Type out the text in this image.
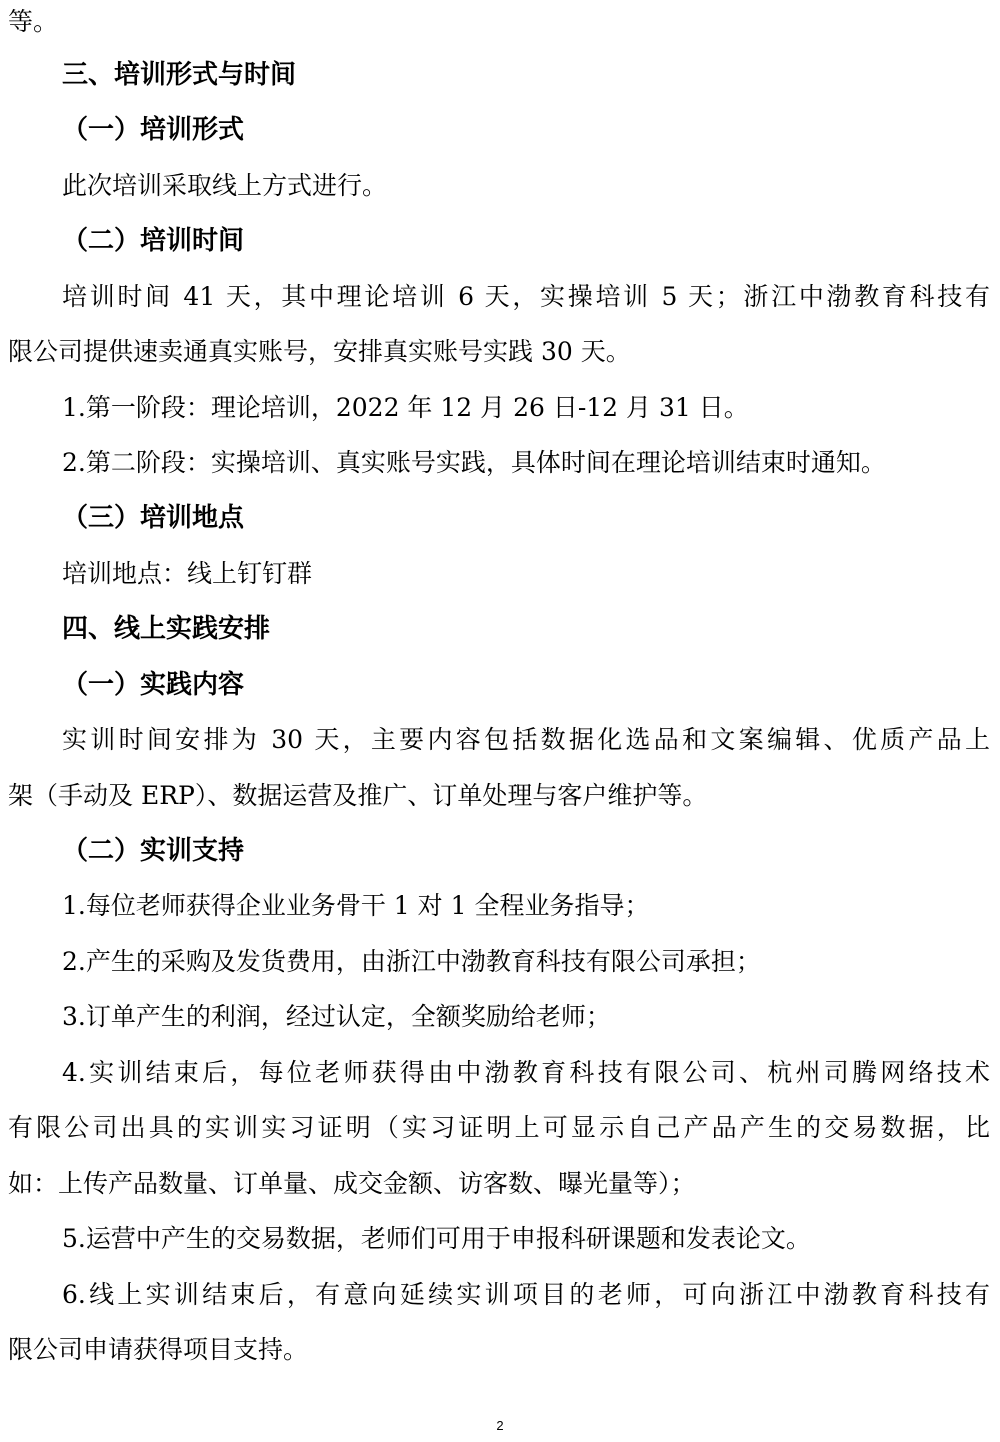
等。
三、培训形式与时间
（一）培训形式
此次培训采取线上方式进行。
（二）培训时间
培训时间 41 天，其中理论培训 6 天，实操培训 5 天；浙江中渤教育科技有
限公司提供速卖通真实账号，安排真实账号实践 30 天。
1.第一阶段：理论培训，2022 年 12 月 26 日-12 月 31 日。
2.第二阶段：实操培训、真实账号实践，具体时间在理论培训结束时通知。
（三）培训地点
培训地点：线上钉钉群
四、线上实践安排
（一）实践内容
实训时间安排为 30 天，主要内容包括数据化选品和文案编辑、优质产品上
架（手动及 ERP）、数据运营及推广、订单处理与客户维护等。
（二）实训支持
1.每位老师获得企业业务骨干 1 对 1 全程业务指导；
2.产生的采购及发货费用，由浙江中渤教育科技有限公司承担；
3.订单产生的利润，经过认定，全额奖励给老师；
4.实训结束后，每位老师获得由中渤教育科技有限公司、杭州司腾网络技术
有限公司出具的实训实习证明（实习证明上可显示自己产品产生的交易数据，比
如：上传产品数量、订单量、成交金额、访客数、曝光量等）；
5.运营中产生的交易数据，老师们可用于申报科研课题和发表论文。
6.线上实训结束后，有意向延续实训项目的老师，可向浙江中渤教育科技有
限公司申请获得项目支持。
2
